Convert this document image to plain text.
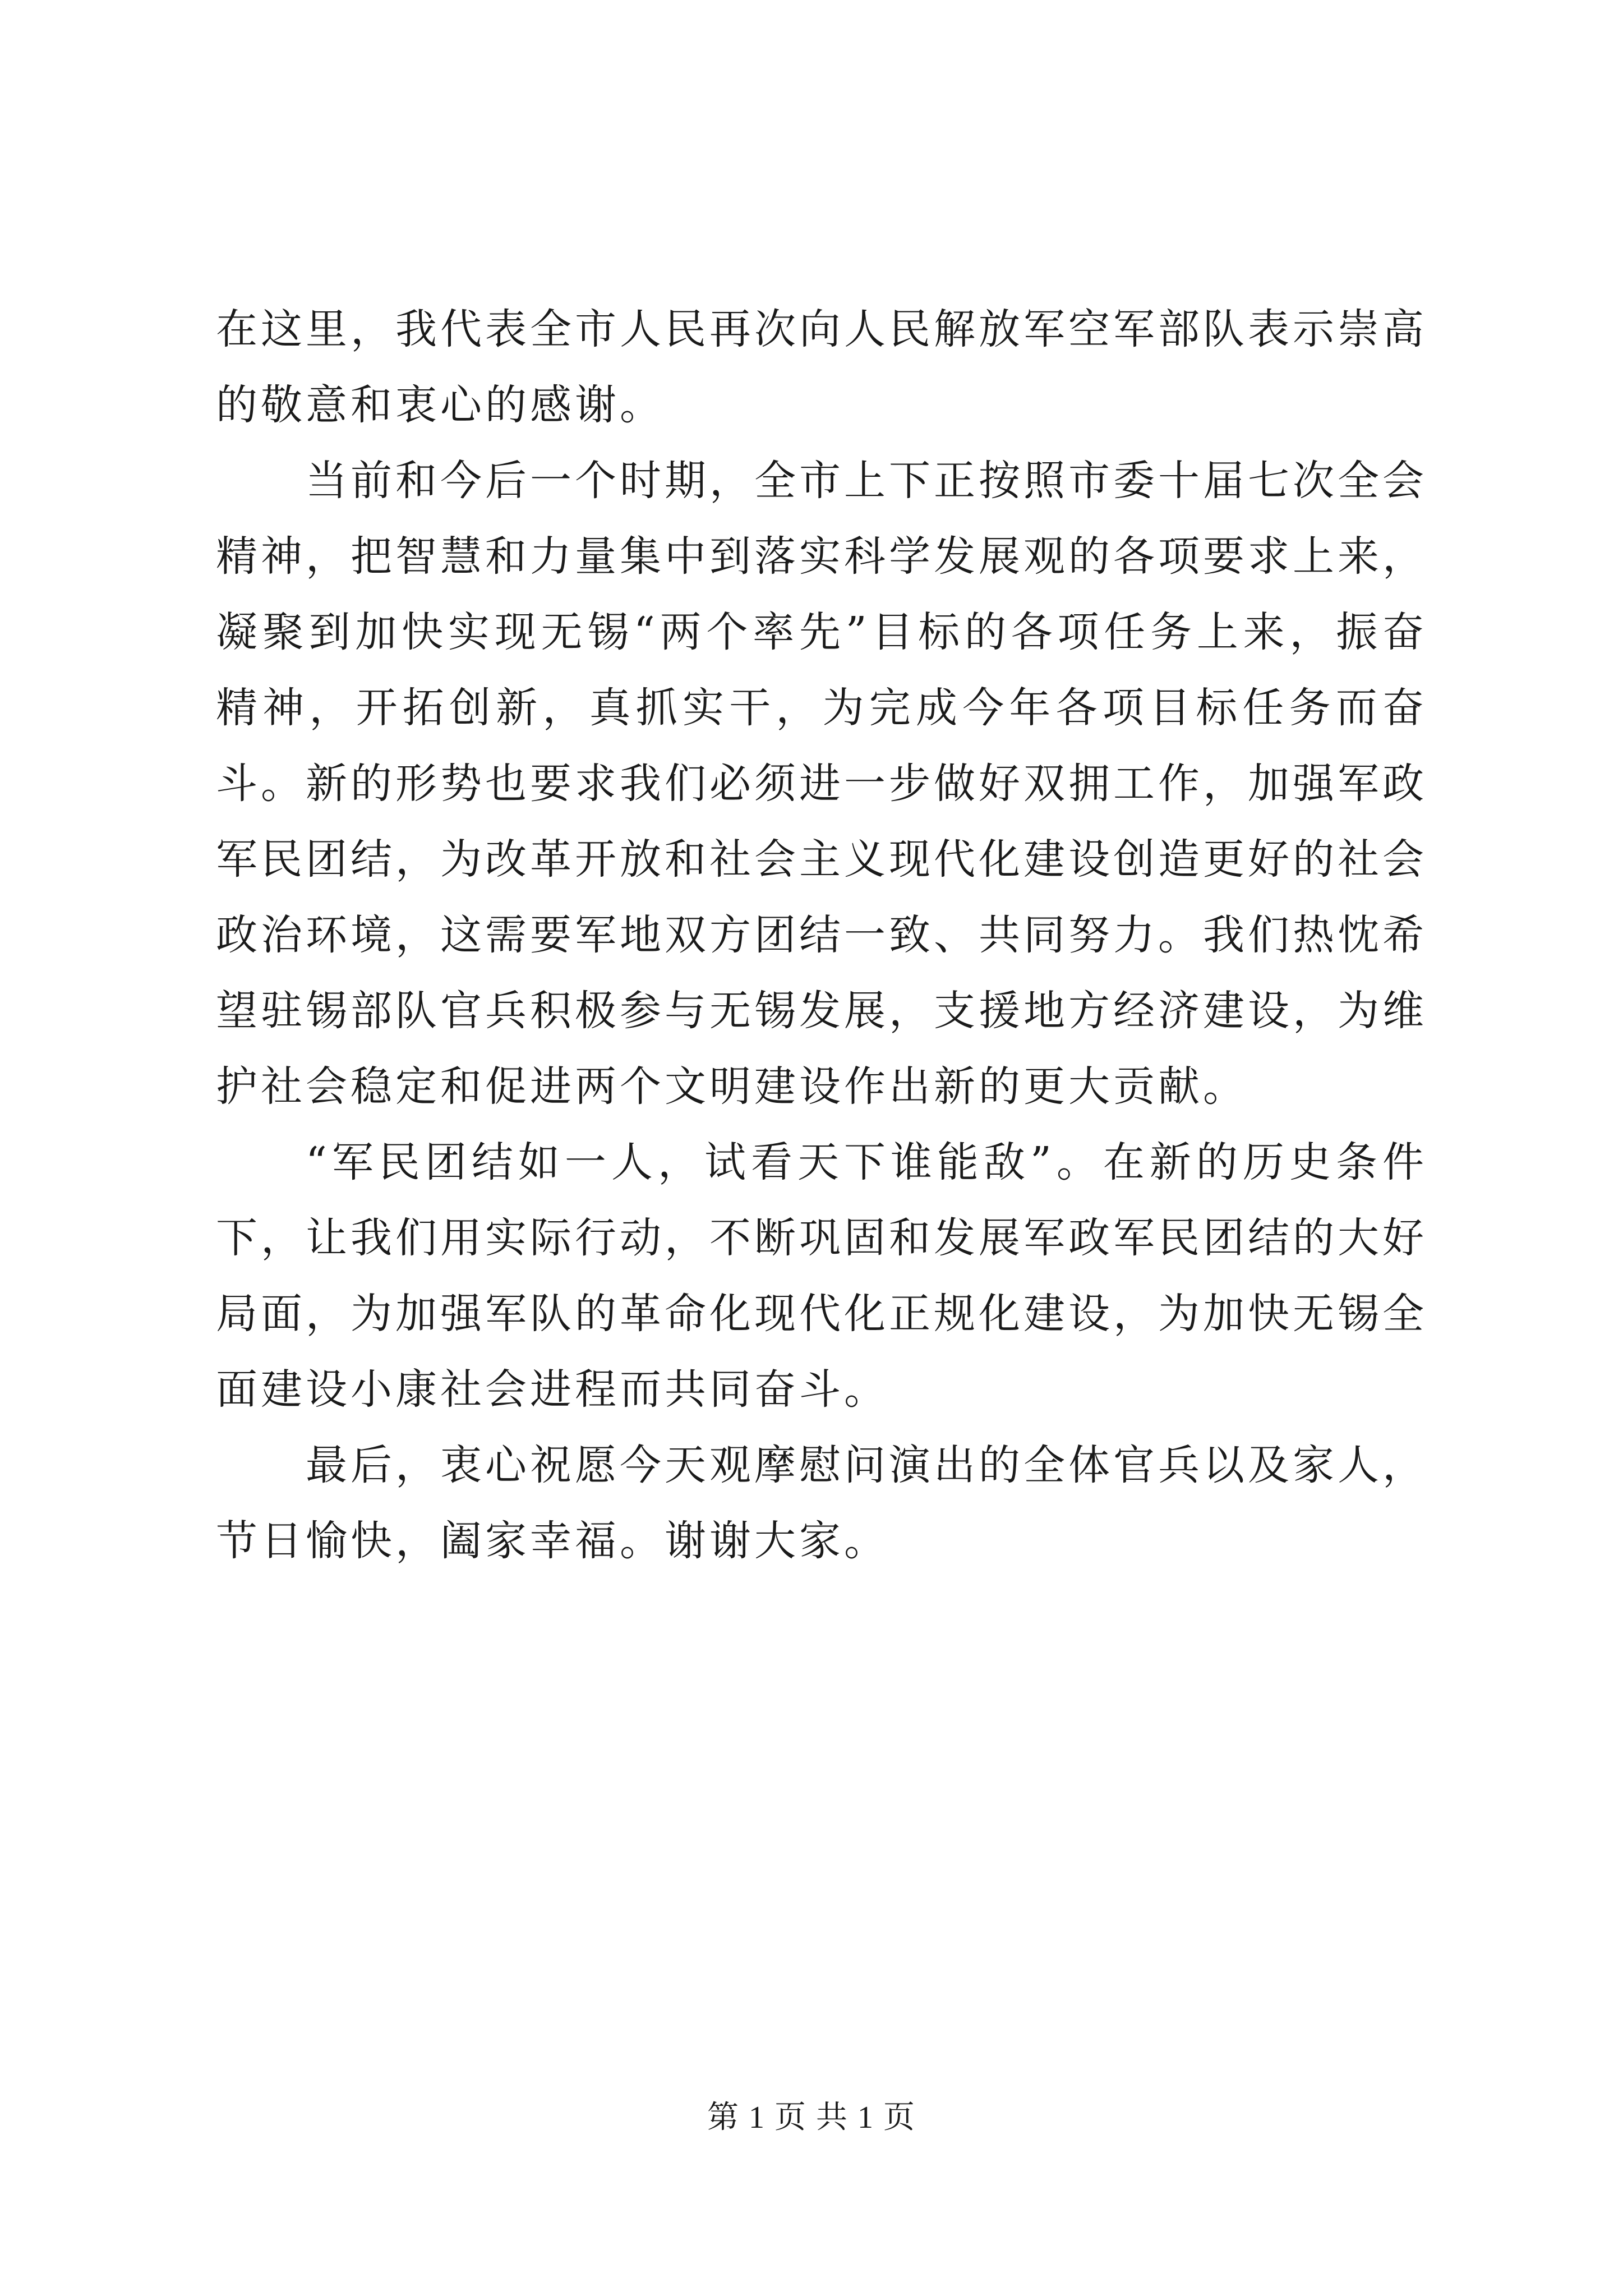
在这里，我代表全市人民再次向人民解放军空军部队表示崇高的敬意和衷心的感谢。

当前和今后一个时期，全市上下正按照市委十届七次全会精神，把智慧和力量集中到落实科学发展观的各项要求上来，凝聚到加快实现无锡“两个率先”目标的各项任务上来，振奋精神，开拓创新，真抓实干，为完成今年各项目标任务而奋斗。新的形势也要求我们必须进一步做好双拥工作，加强军政军民团结，为改革开放和社会主义现代化建设创造更好的社会政治环境，这需要军地双方团结一致、共同努力。我们热忱希望驻锡部队官兵积极参与无锡发展，支援地方经济建设，为维护社会稳定和促进两个文明建设作出新的更大贡献。

“军民团结如一人，试看天下谁能敌”。在新的历史条件下，让我们用实际行动，不断巩固和发展军政军民团结的大好局面，为加强军队的革命化现代化正规化建设，为加快无锡全面建设小康社会进程而共同奋斗。

最后，衷心祝愿今天观摩慰问演出的全体官兵以及家人，节日愉快，阖家幸福。谢谢大家。

第 1 页 共 1 页
